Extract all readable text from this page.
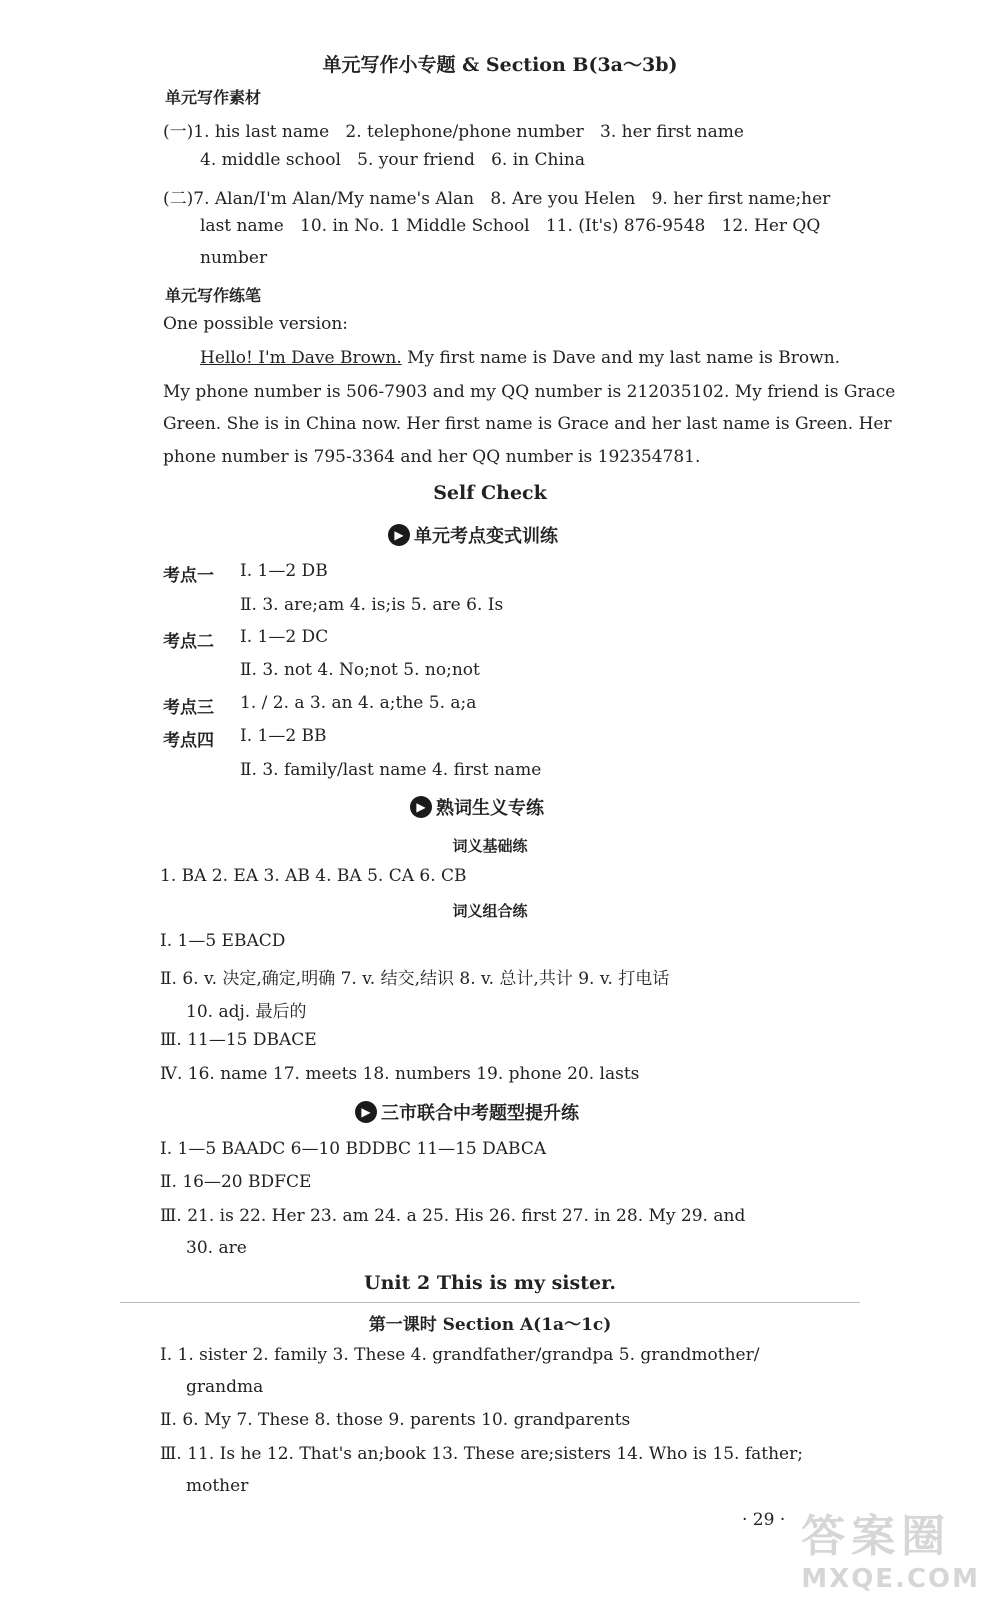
单元写作小专题 & Section B(3a～3b)
单元写作素材
(一)1. his last name 2. telephone/phone number 3. her first name
4. middle school 5. your friend 6. in China
(二)7. Alan/I'm Alan/My name's Alan 8. Are you Helen 9. her first name;her
last name 10. in No. 1 Middle School 11. (It's) 876-9548 12. Her QQ
number
单元写作练笔
One possible version:
Hello! I'm Dave Brown. My first name is Dave and my last name is Brown.
My phone number is 506-7903 and my QQ number is 212035102. My friend is Grace
Green. She is in China now. Her first name is Grace and her last name is Green. Her
phone number is 795-3364 and her QQ number is 192354781.
Self Check
▶ 单元考点变式训练
考点一 Ⅰ. 1—2 DB
Ⅱ. 3. are;am 4. is;is 5. are 6. Is
考点二 Ⅰ. 1—2 DC
Ⅱ. 3. not 4. No;not 5. no;not
考点三 1. / 2. a 3. an 4. a;the 5. a;a
考点四 Ⅰ. 1—2 BB
Ⅱ. 3. family/last name 4. first name
▶ 熟词生义专练
词义基础练
1. BA 2. EA 3. AB 4. BA 5. CA 6. CB
词义组合练
Ⅰ. 1—5 EBACD
Ⅱ. 6. v. 决定,确定,明确 7. v. 结交,结识 8. v. 总计,共计 9. v. 打电话
10. adj. 最后的
Ⅲ. 11—15 DBACE
Ⅳ. 16. name 17. meets 18. numbers 19. phone 20. lasts
▶ 三市联合中考题型提升练
Ⅰ. 1—5 BAADC 6—10 BDDBC 11—15 DABCA
Ⅱ. 16—20 BDFCE
Ⅲ. 21. is 22. Her 23. am 24. a 25. His 26. first 27. in 28. My 29. and
30. are
Unit 2 This is my sister.
第一课时 Section A(1a～1c)
Ⅰ. 1. sister 2. family 3. These 4. grandfather/grandpa 5. grandmother/
grandma
Ⅱ. 6. My 7. These 8. those 9. parents 10. grandparents
Ⅲ. 11. Is he 12. That's an;book 13. These are;sisters 14. Who is 15. father;
mother
· 29 · 答案圈
MXQE.COM
